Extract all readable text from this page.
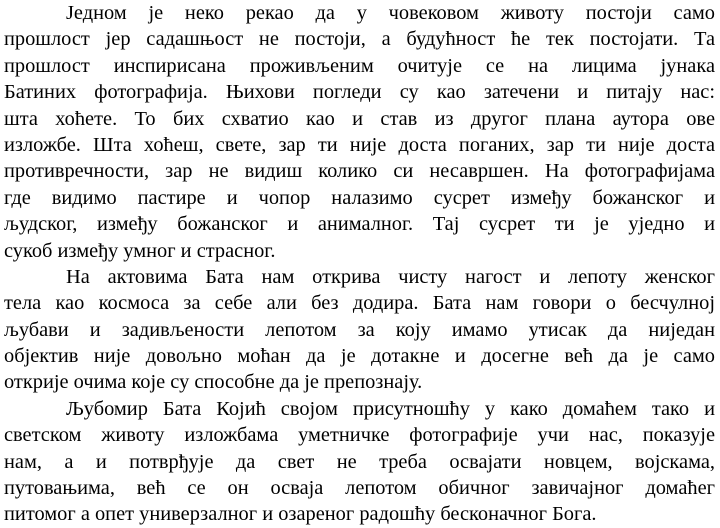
Једном је неко рекао да у човековом животу постоји само
прошлост јер садашњост не постоји, а будућност ће тек постојати. Та
прошлост инспирисана проживљеним очитује се на лицима јунака
Батиних фотографија. Њихови погледи су као затечени и питају нас:
шта хоћете. То бих схватио као и став из другог плана аутора ове
изложбе. Шта хоћеш, свете, зар ти није доста поганих, зар ти није доста
противречности, зар не видиш колико си несавршен. На фотографијама
где видимо пастире и чопор налазимо сусрет између божанског и
људског, између божанског и анималног. Тај сусрет ти је уједно и
сукоб између умног и страсног.
На актовима Бата нам открива чисту нагост и лепоту женског
тела као космоса за себе али без додира. Бата нам говори о бесчулној
љубави и задивљености лепотом за коју имамо утисак да ниједан
објектив није довољно моћан да је дотакне и досегне већ да је само
открије очима које су способне да је препознају.
Љубомир Бата Којић својом присутношћу у како домаћем тако и
светском животу изложбама уметничке фотографије учи нас, показује
нам, а и потврђује да свет не треба освајати новцем, војскама,
путовањима, већ се он осваја лепотом обичног завичајног домаћег
питомог а опет универзалног и озареног радошћу бесконачног Бога.
